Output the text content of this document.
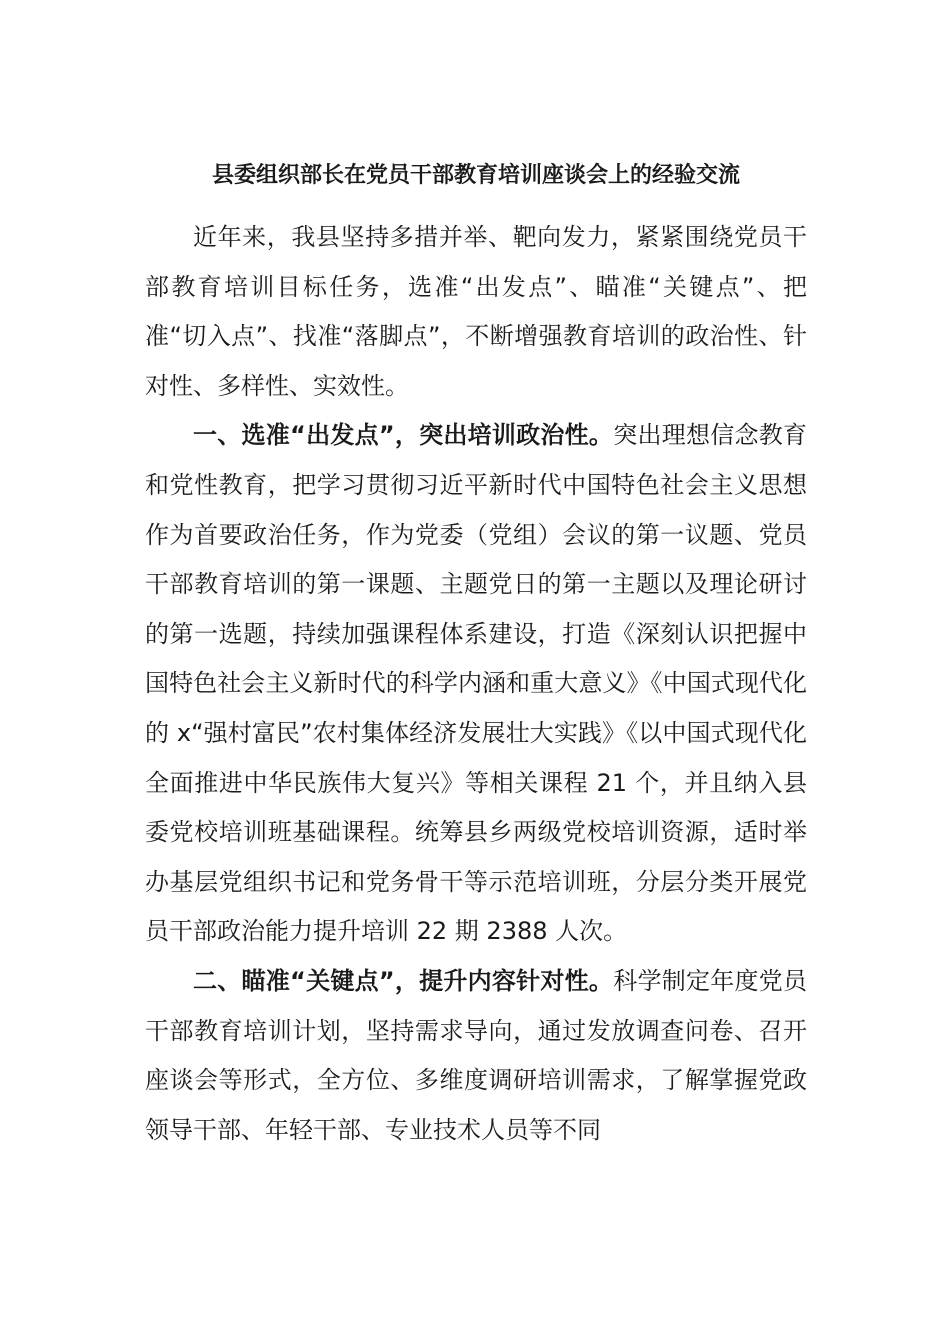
县委组织部长在党员干部教育培训座谈会上的经验交流

近年来，我县坚持多措并举、靶向发力，紧紧围绕党员干部教育培训目标任务，选准“出发点”、瞄准“关键点”、把准“切入点”、找准“落脚点”，不断增强教育培训的政治性、针对性、多样性、实效性。

一、选准“出发点”，突出培训政治性。突出理想信念教育和党性教育，把学习贯彻习近平新时代中国特色社会主义思想作为首要政治任务，作为党委（党组）会议的第一议题、党员干部教育培训的第一课题、主题党日的第一主题以及理论研讨的第一选题，持续加强课程体系建设，打造《深刻认识把握中国特色社会主义新时代的科学内涵和重大意义》《中国式现代化的 x“强村富民”农村集体经济发展壮大实践》《以中国式现代化全面推进中华民族伟大复兴》等相关课程 21 个，并且纳入县委党校培训班基础课程。统筹县乡两级党校培训资源，适时举办基层党组织书记和党务骨干等示范培训班，分层分类开展党员干部政治能力提升培训 22 期 2388 人次。

二、瞄准“关键点”，提升内容针对性。科学制定年度党员干部教育培训计划，坚持需求导向，通过发放调查问卷、召开座谈会等形式，全方位、多维度调研培训需求，了解掌握党政领导干部、年轻干部、专业技术人员等不同
